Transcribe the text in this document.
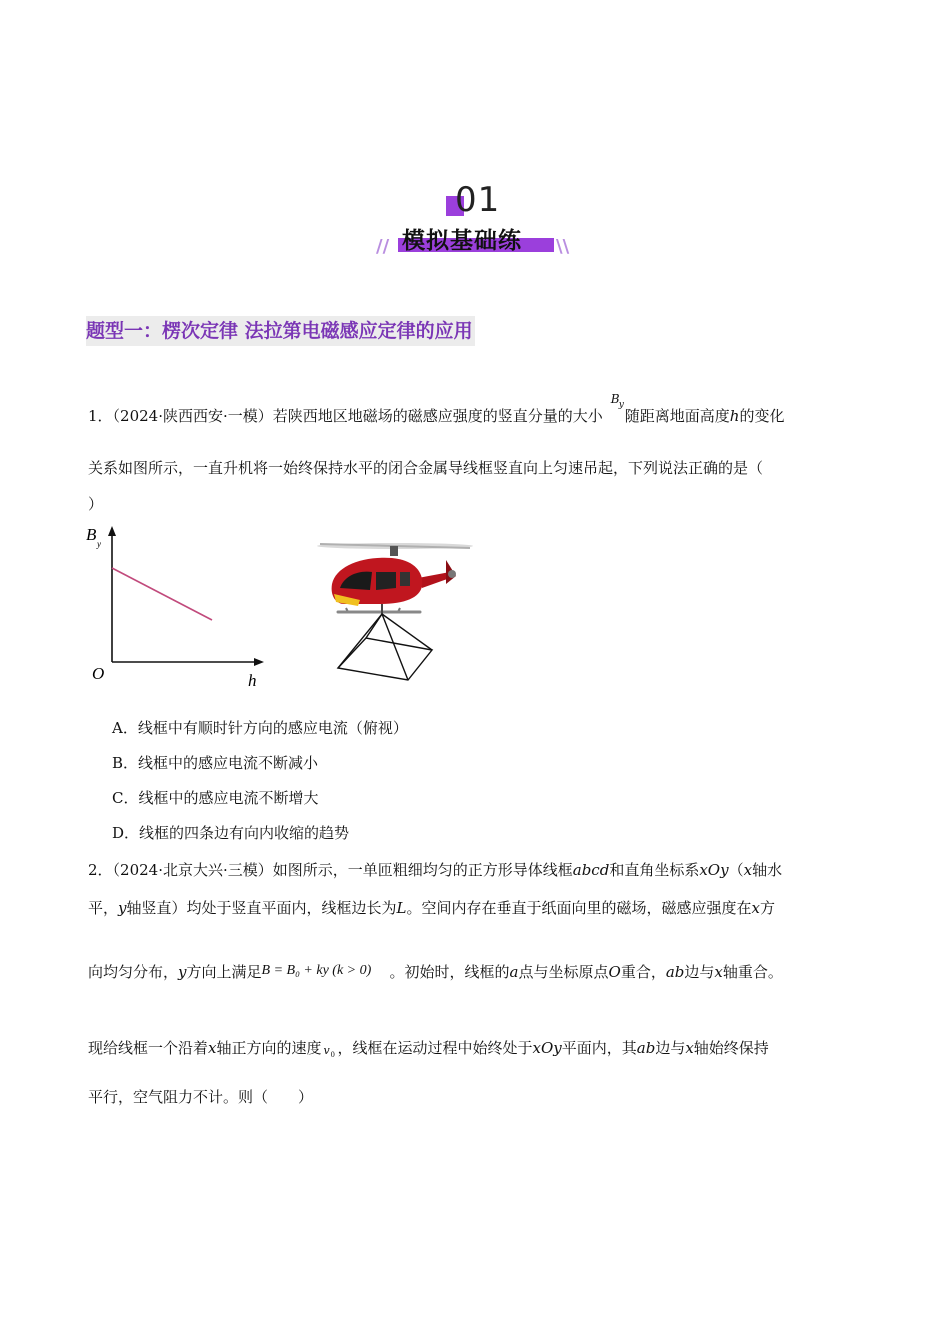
01
模拟基础练
//	\\
题型一：楞次定律 法拉第电磁感应定律的应用
1．（2024·陕西西安·一模）若陕西地区地磁场的磁感应强度的竖直分量的大小
B y
随距离地面高度h的变化
关系如图所示，一直升机将一始终保持水平的闭合金属导线框竖直向上匀速吊起，下列说法正确的是（
）
B y
O	h
A．线框中有顺时针方向的感应电流（俯视）
B．线框中的感应电流不断减小
C．线框中的感应电流不断增大
D．线框的四条边有向内收缩的趋势
2．（2024·北京大兴·三模）如图所示，一单匝粗细均匀的正方形导体线框abcd和直角坐标系xOy（x轴水
平，y轴竖直）均处于竖直平面内，线框边长为L。空间内存在垂直于纸面向里的磁场，磁感应强度在x方
向均匀分布，y方向上满足 B = B₀ + ky (k > 0) 。初始时，线框的a点与坐标原点O重合，ab边与x轴重合。
现给线框一个沿着x轴正方向的速度 v 0 ，线框在运动过程中始终处于xOy平面内，其ab边与x轴始终保持
平行，空气阻力不计。则（　　）
